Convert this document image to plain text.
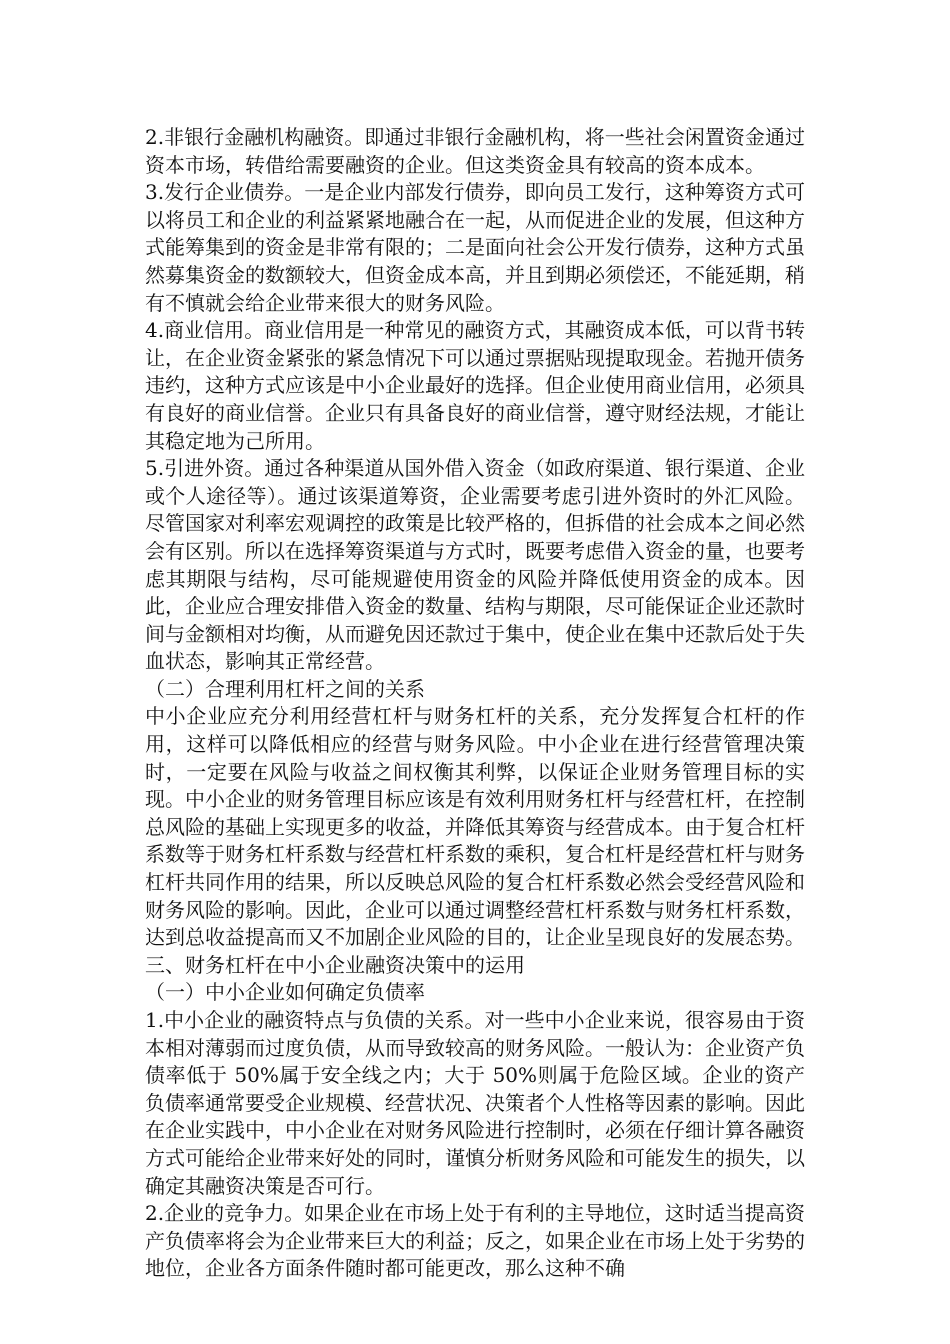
2.非银行金融机构融资。即通过非银行金融机构，将一些社会闲置资金通过资本市场，转借给需要融资的企业。但这类资金具有较高的资本成本。

3.发行企业债券。一是企业内部发行债券，即向员工发行，这种筹资方式可以将员工和企业的利益紧紧地融合在一起，从而促进企业的发展，但这种方式能筹集到的资金是非常有限的；二是面向社会公开发行债券，这种方式虽然募集资金的数额较大，但资金成本高，并且到期必须偿还，不能延期，稍有不慎就会给企业带来很大的财务风险。

4.商业信用。商业信用是一种常见的融资方式，其融资成本低，可以背书转让，在企业资金紧张的紧急情况下可以通过票据贴现提取现金。若抛开债务违约，这种方式应该是中小企业最好的选择。但企业使用商业信用，必须具有良好的商业信誉。企业只有具备良好的商业信誉，遵守财经法规，才能让其稳定地为己所用。

5.引进外资。通过各种渠道从国外借入资金（如政府渠道、银行渠道、企业或个人途径等）。通过该渠道筹资，企业需要考虑引进外资时的外汇风险。尽管国家对利率宏观调控的政策是比较严格的，但拆借的社会成本之间必然会有区别。所以在选择筹资渠道与方式时，既要考虑借入资金的量，也要考虑其期限与结构，尽可能规避使用资金的风险并降低使用资金的成本。因此，企业应合理安排借入资金的数量、结构与期限，尽可能保证企业还款时间与金额相对均衡，从而避免因还款过于集中，使企业在集中还款后处于失血状态，影响其正常经营。

（二）合理利用杠杆之间的关系

中小企业应充分利用经营杠杆与财务杠杆的关系，充分发挥复合杠杆的作用，这样可以降低相应的经营与财务风险。中小企业在进行经营管理决策时，一定要在风险与收益之间权衡其利弊，以保证企业财务管理目标的实现。中小企业的财务管理目标应该是有效利用财务杠杆与经营杠杆，在控制总风险的基础上实现更多的收益，并降低其筹资与经营成本。由于复合杠杆系数等于财务杠杆系数与经营杠杆系数的乘积，复合杠杆是经营杠杆与财务杠杆共同作用的结果，所以反映总风险的复合杠杆系数必然会受经营风险和财务风险的影响。因此，企业可以通过调整经营杠杆系数与财务杠杆系数，达到总收益提高而又不加剧企业风险的目的，让企业呈现良好的发展态势。

三、财务杠杆在中小企业融资决策中的运用

（一）中小企业如何确定负债率

1.中小企业的融资特点与负债的关系。对一些中小企业来说，很容易由于资本相对薄弱而过度负债，从而导致较高的财务风险。一般认为：企业资产负债率低于 50%属于安全线之内；大于 50%则属于危险区域。企业的资产负债率通常要受企业规模、经营状况、决策者个人性格等因素的影响。因此在企业实践中，中小企业在对财务风险进行控制时，必须在仔细计算各融资方式可能给企业带来好处的同时，谨慎分析财务风险和可能发生的损失，以确定其融资决策是否可行。

2.企业的竞争力。如果企业在市场上处于有利的主导地位，这时适当提高资产负债率将会为企业带来巨大的利益；反之，如果企业在市场上处于劣势的地位，企业各方面条件随时都可能更改，那么这种不确
